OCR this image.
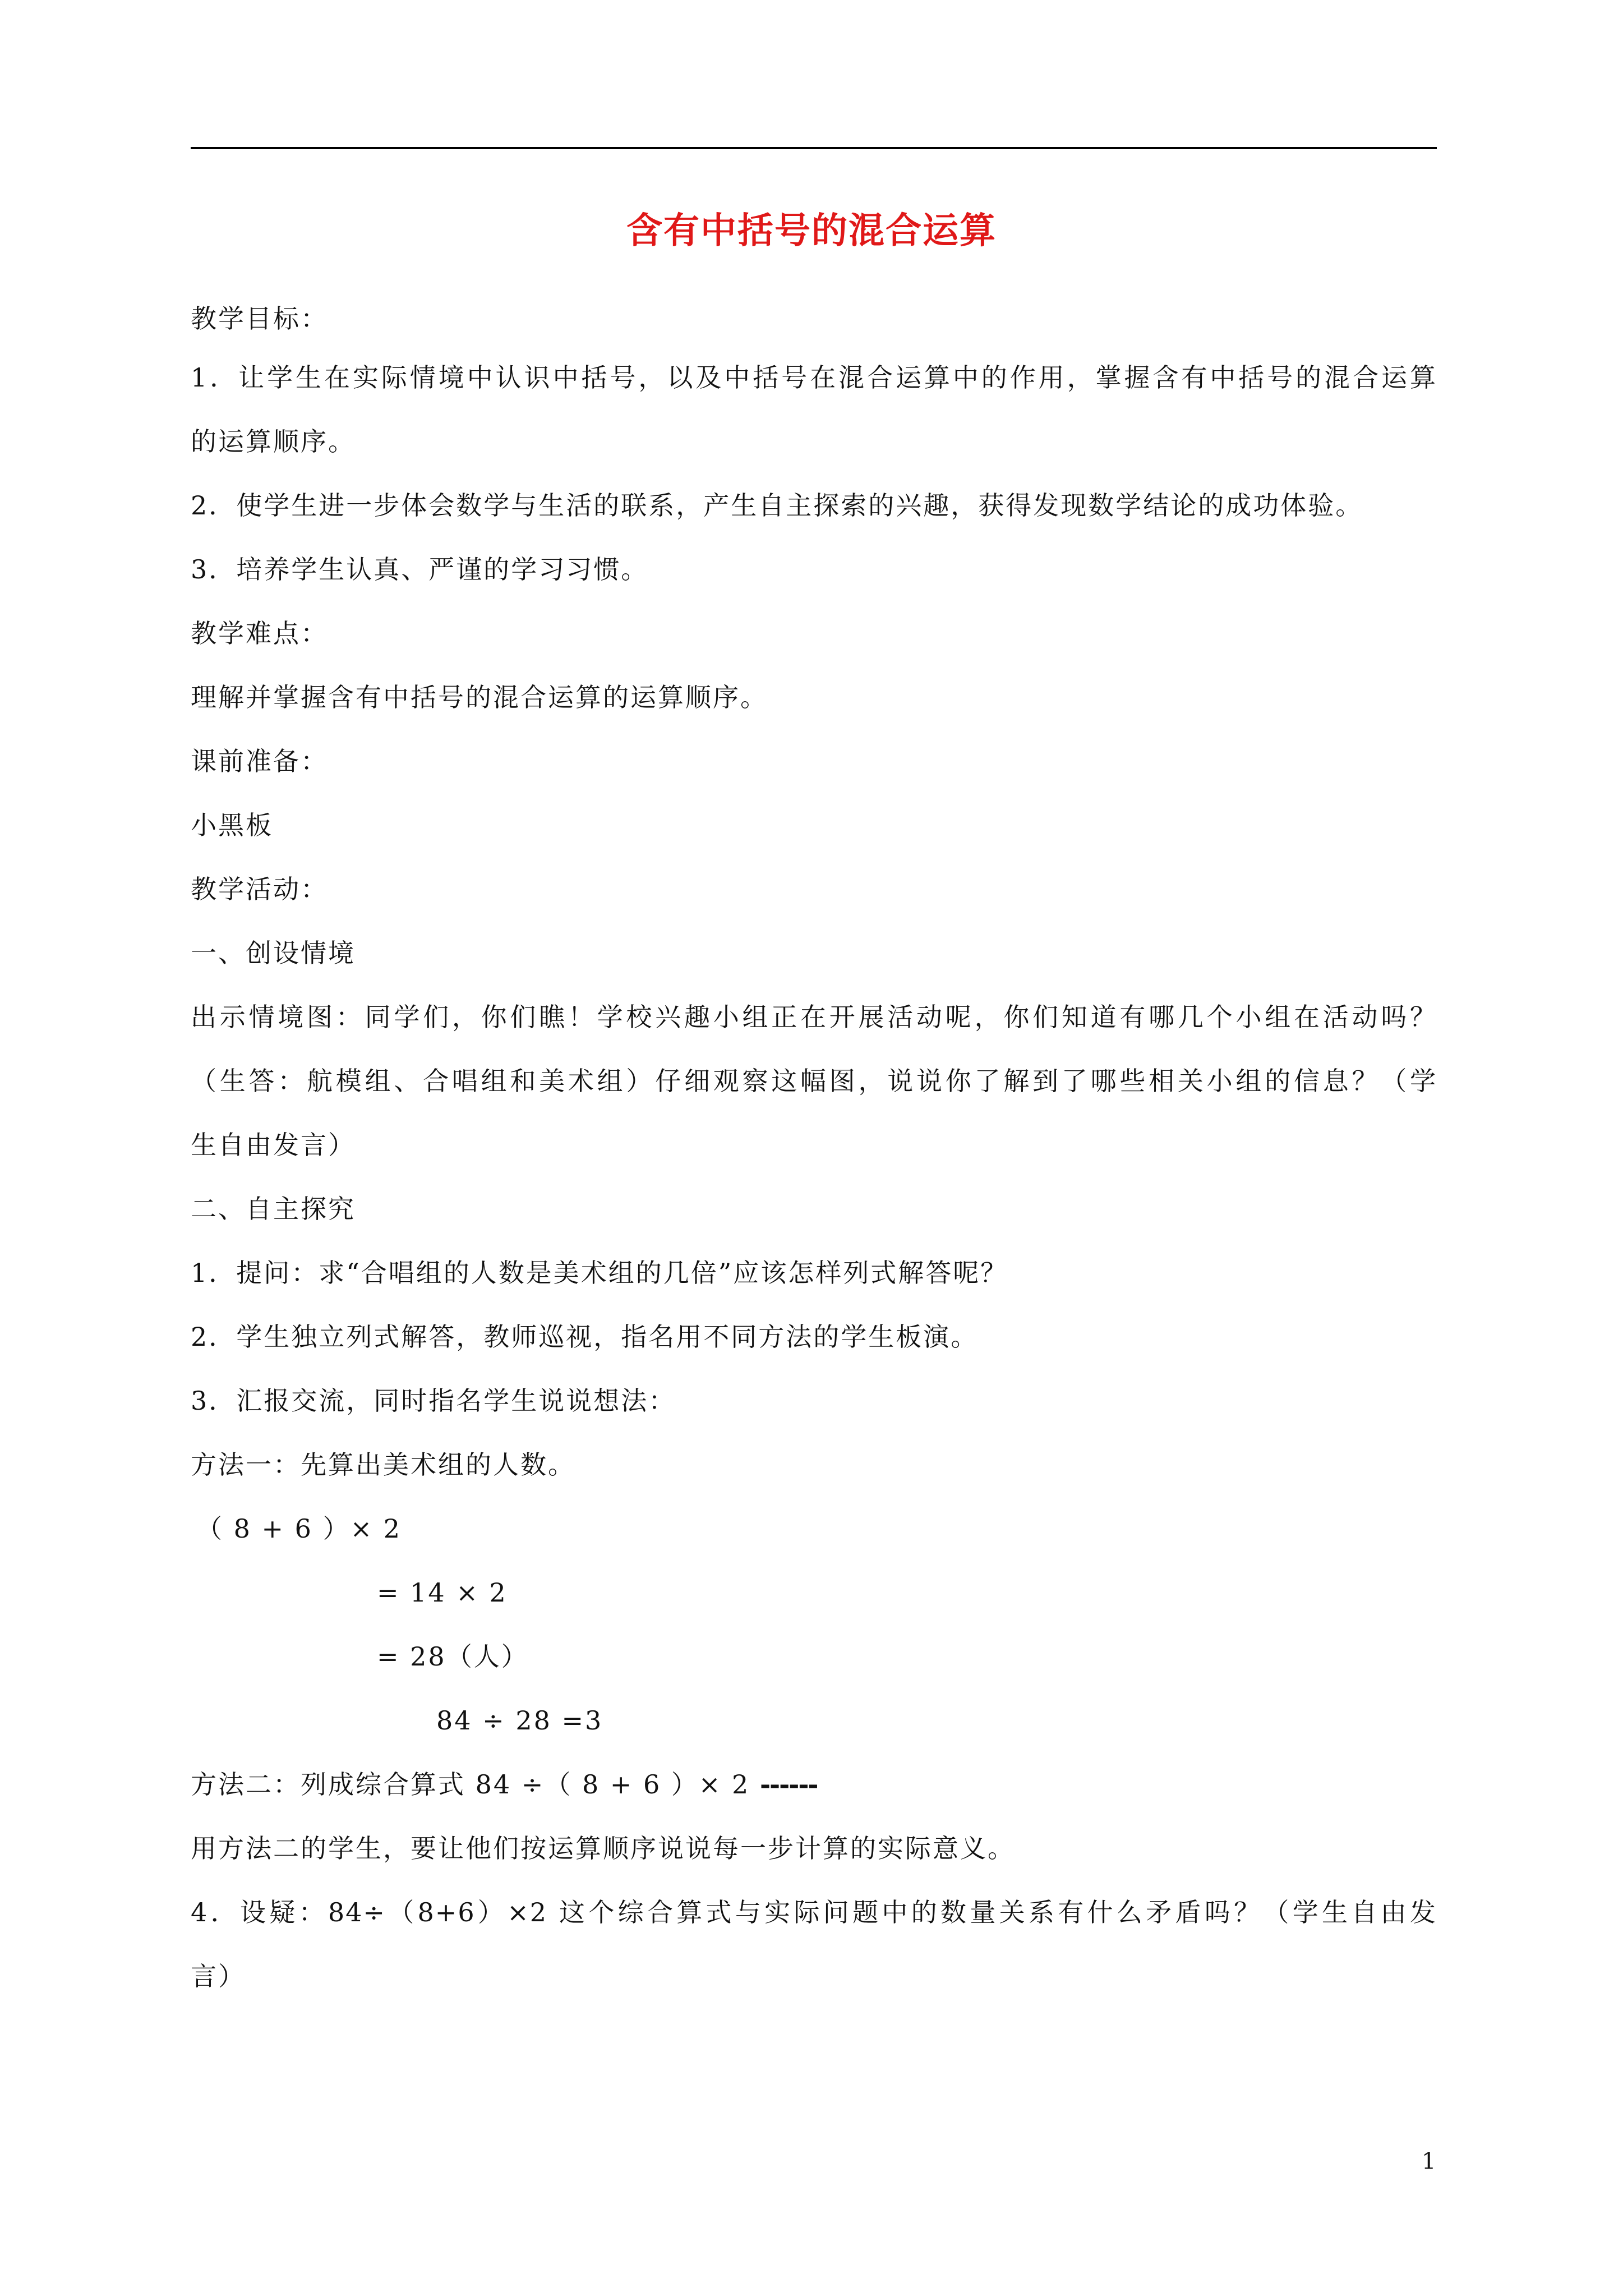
含有中括号的混合运算
教学目标：
1．让学生在实际情境中认识中括号，以及中括号在混合运算中的作用，掌握含有中括号的混合运算
的运算顺序。
2．使学生进一步体会数学与生活的联系，产生自主探索的兴趣，获得发现数学结论的成功体验。
3．培养学生认真、严谨的学习习惯。
教学难点：
理解并掌握含有中括号的混合运算的运算顺序。
课前准备：
小黑板
教学活动：
一、创设情境
出示情境图：同学们，你们瞧！学校兴趣小组正在开展活动呢，你们知道有哪几个小组在活动吗？
（生答：航模组、合唱组和美术组）仔细观察这幅图，说说你了解到了哪些相关小组的信息？（学
生自由发言）
二、自主探究
1．提问：求“合唱组的人数是美术组的几倍”应该怎样列式解答呢？
2．学生独立列式解答，教师巡视，指名用不同方法的学生板演。
3．汇报交流，同时指名学生说说想法：
方法一：先算出美术组的人数。
（ 8 + 6 ）× 2
= 14 × 2
= 28（人）
84 ÷ 28 =3
方法二：列成综合算式 84 ÷（ 8 + 6 ）× 2 ------
用方法二的学生，要让他们按运算顺序说说每一步计算的实际意义。
4．设疑：84÷（8+6）×2 这个综合算式与实际问题中的数量关系有什么矛盾吗？（学生自由发
言）
1
